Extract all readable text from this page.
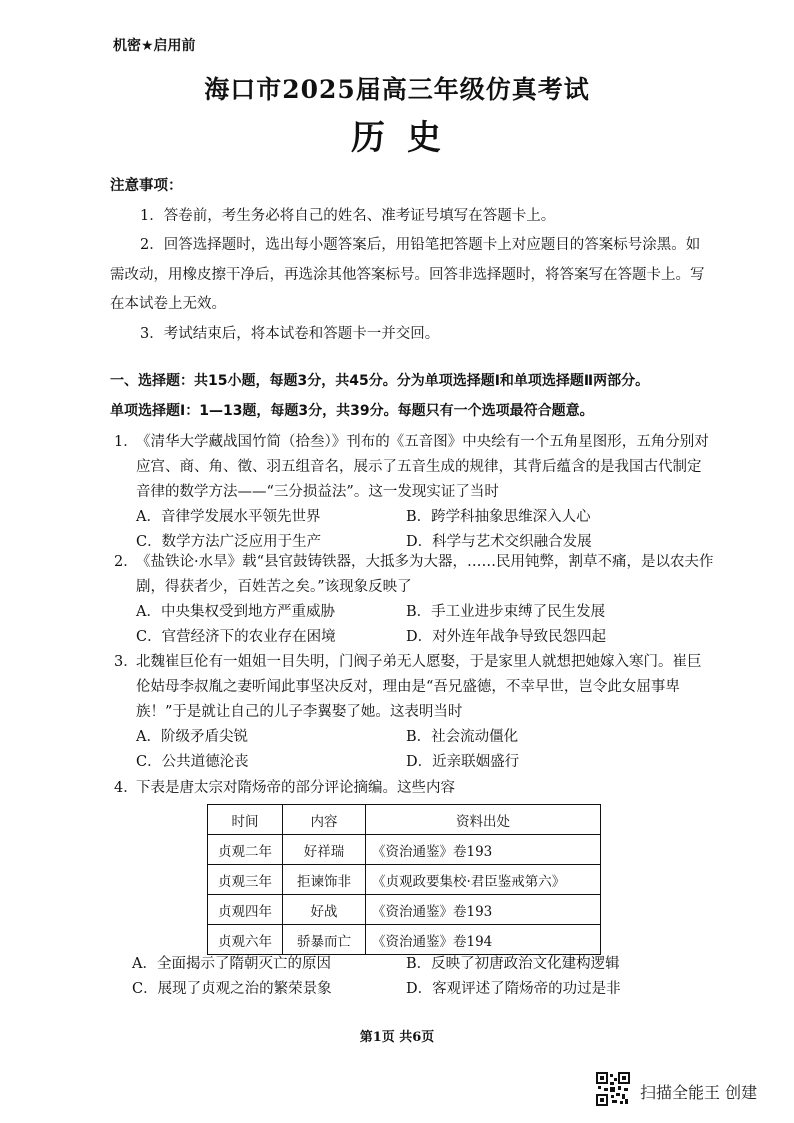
机密★启用前
海口市2025届高三年级仿真考试
历史
注意事项：
1．答卷前，考生务必将自己的姓名、准考证号填写在答题卡上。
2．回答选择题时，选出每小题答案后，用铅笔把答题卡上对应题目的答案标号涂黑。如需改动，用橡皮擦干净后，再选涂其他答案标号。回答非选择题时，将答案写在答题卡上。写在本试卷上无效。
3．考试结束后，将本试卷和答题卡一并交回。
一、选择题：共15小题，每题3分，共45分。分为单项选择题Ⅰ和单项选择题Ⅱ两部分。
单项选择题Ⅰ：1—13题，每题3分，共39分。每题只有一个选项最符合题意。
1．
《清华大学藏战国竹简（拾叁）》刊布的《五音图》中央绘有一个五角星图形，五角分别对应宫、商、角、徵、羽五组音名，展示了五音生成的规律，其背后蕴含的是我国古代制定音律的数学方法——“三分损益法”。这一发现实证了当时
A．音律学发展水平领先世界	B．跨学科抽象思维深入人心
C．数学方法广泛应用于生产	D．科学与艺术交织融合发展
2．
《盐铁论·水旱》载“县官鼓铸铁器，大抵多为大器，……民用钝弊，割草不痛，是以农夫作剧，得获者少，百姓苦之矣。”该现象反映了
A．中央集权受到地方严重威胁	B．手工业进步束缚了民生发展
C．官营经济下的农业存在困境	D．对外连年战争导致民怨四起
3．
北魏崔巨伦有一姐姐一目失明，门阀子弟无人愿娶，于是家里人就想把她嫁入寒门。崔巨伦姑母李叔胤之妻听闻此事坚决反对，理由是“吾兄盛德，不幸早世，岂令此女屈事卑族！”于是就让自己的儿子李翼娶了她。这表明当时
A．阶级矛盾尖锐	B．社会流动僵化
C．公共道德沦丧	D．近亲联姻盛行
4．
下表是唐太宗对隋炀帝的部分评论摘编。这些内容
时间	内容	资料出处
贞观二年	好祥瑞	《资治通鉴》卷193
贞观三年	拒谏饰非	《贞观政要集校·君臣鉴戒第六》
贞观四年	好战	《资治通鉴》卷193
贞观六年	骄暴而亡	《资治通鉴》卷194
A．全面揭示了隋朝灭亡的原因	B．反映了初唐政治文化建构逻辑
C．展现了贞观之治的繁荣景象	D．客观评述了隋炀帝的功过是非
第1页 共6页
扫描全能王 创建
